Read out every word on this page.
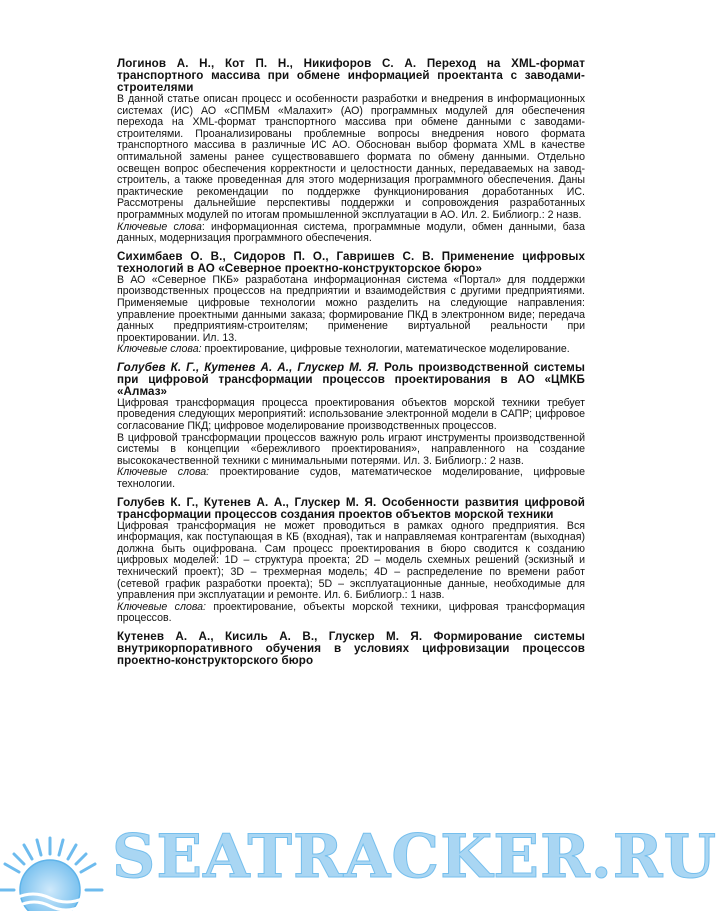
Логинов А. Н., Кот П. Н., Никифоров С. А. Переход на XML-формат транспортного массива при обмене информацией проектанта с заводами-строителями

В данной статье описан процесс и особенности разработки и внедрения в информационных системах (ИС) АО «СПМБМ «Малахит» (АО) программных модулей для обеспечения перехода на XML-формат транспортного массива при обмене данными с заводами-строителями. Проанализированы проблемные вопросы внедрения нового формата транспортного массива в различные ИС АО. Обоснован выбор формата XML в качестве оптимальной замены ранее существовавшего формата по обмену данными. Отдельно освещен вопрос обеспечения корректности и целостности данных, передаваемых на завод-строитель, а также проведенная для этого модернизация программного обеспечения. Даны практические рекомендации по поддержке функционирования доработанных ИС. Рассмотрены дальнейшие перспективы поддержки и сопровождения разработанных программных модулей по итогам промышленной эксплуатации в АО. Ил. 2. Библиогр.: 2 назв.

Ключевые слова: информационная система, программные модули, обмен данными, база данных, модернизация программного обеспечения.
Сихимбаев О. В., Сидоров П. О., Гавришев С. В. Применение цифровых технологий в АО «Северное проектно-конструкторское бюро»

В АО «Северное ПКБ» разработана информационная система «Портал» для поддержки производственных процессов на предприятии и взаимодействия с другими предприятиями. Применяемые цифровые технологии можно разделить на следующие направления: управление проектными данными заказа; формирование ПКД в электронном виде; передача данных предприятиям-строителям; применение виртуальной реальности при проектировании. Ил. 13.

Ключевые слова: проектирование, цифровые технологии, математическое моделирование.
Голубев К. Г., Кутенев А. А., Глускер М. Я. Роль производственной системы при цифровой трансформации процессов проектирования в АО «ЦМКБ «Алмаз»

Цифровая трансформация процесса проектирования объектов морской техники требует проведения следующих мероприятий: использование электронной модели в САПР; цифровое согласование ПКД; цифровое моделирование производственных процессов.

В цифровой трансформации процессов важную роль играют инструменты производственной системы в концепции «бережливого проектирования», направленного на создание высококачественной техники с минимальными потерями. Ил. 3. Библиогр.: 2 назв.

Ключевые слова: проектирование судов, математическое моделирование, цифровые технологии.
Голубев К. Г., Кутенев А. А., Глускер М. Я. Особенности развития цифровой трансформации процессов создания проектов объектов морской техники

Цифровая трансформация не может проводиться в рамках одного предприятия. Вся информация, как поступающая в КБ (входная), так и направляемая контрагентам (выходная) должна быть оцифрована. Сам процесс проектирования в бюро сводится к созданию цифровых моделей: 1D – структура проекта; 2D – модель схемных решений (эскизный и технический проект); 3D – трехмерная модель; 4D – распределение по времени работ (сетевой график разработки проекта); 5D – эксплуатационные данные, необходимые для управления при эксплуатации и ремонте. Ил. 6. Библиогр.: 1 назв.

Ключевые слова: проектирование, объекты морской техники, цифровая трансформация процессов.
Кутенев А. А., Кисиль А. В., Глускер М. Я. Формирование системы внутрикорпоративного обучения в условиях цифровизации процессов проектно-конструкторского бюро
SEATRACKER.RU
